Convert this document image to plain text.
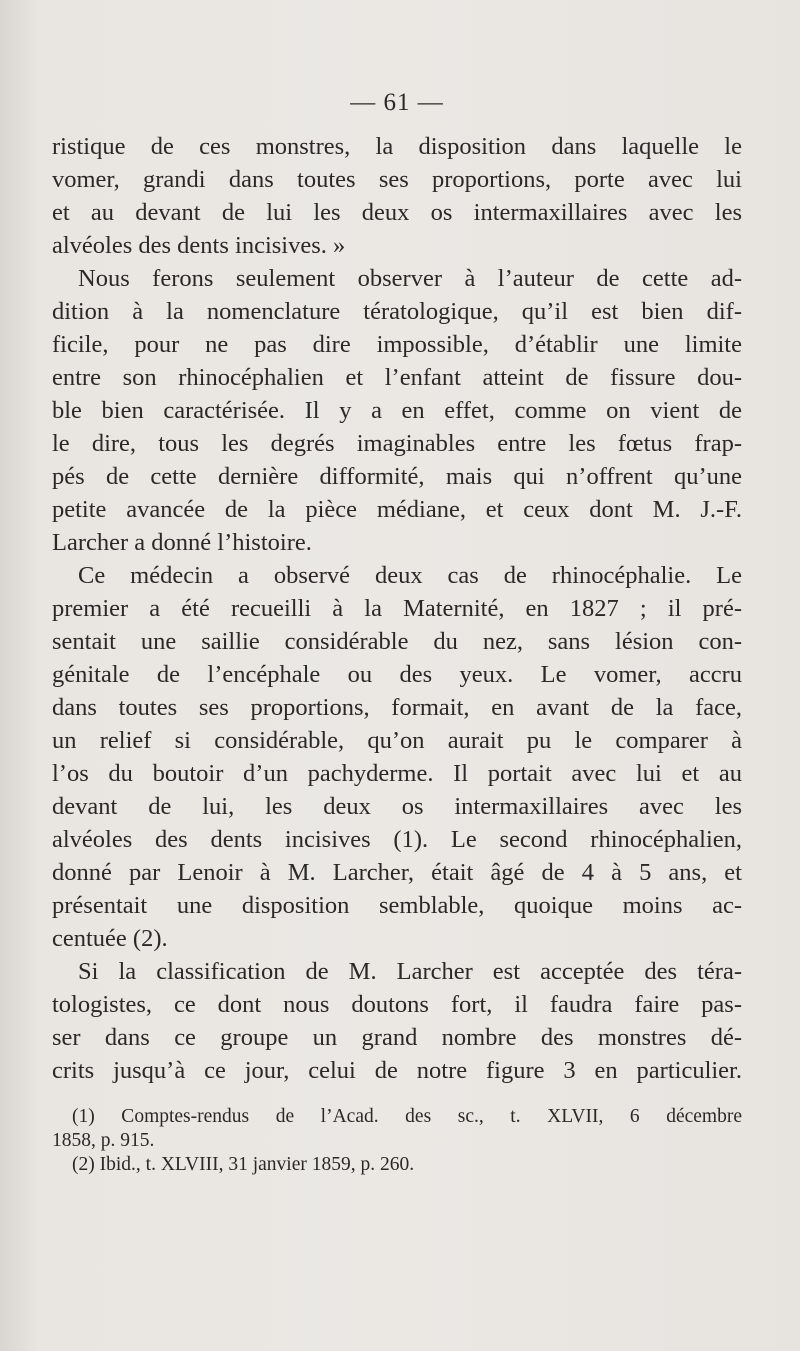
— 61 —
ristique de ces monstres, la disposition dans laquelle le
vomer, grandi dans toutes ses proportions, porte avec lui
et au devant de lui les deux os intermaxillaires avec les
alvéoles des dents incisives. »
Nous ferons seulement observer à l’auteur de cette ad-
dition à la nomenclature tératologique, qu’il est bien dif-
ficile, pour ne pas dire impossible, d’établir une limite
entre son rhinocéphalien et l’enfant atteint de fissure dou-
ble bien caractérisée. Il y a en effet, comme on vient de
le dire, tous les degrés imaginables entre les fœtus frap-
pés de cette dernière difformité, mais qui n’offrent qu’une
petite avancée de la pièce médiane, et ceux dont M. J.-F.
Larcher a donné l’histoire.
Ce médecin a observé deux cas de rhinocéphalie. Le
premier a été recueilli à la Maternité, en 1827 ; il pré-
sentait une saillie considérable du nez, sans lésion con-
génitale de l’encéphale ou des yeux. Le vomer, accru
dans toutes ses proportions, formait, en avant de la face,
un relief si considérable, qu’on aurait pu le comparer à
l’os du boutoir d’un pachyderme. Il portait avec lui et au
devant de lui, les deux os intermaxillaires avec les
alvéoles des dents incisives (1). Le second rhinocéphalien,
donné par Lenoir à M. Larcher, était âgé de 4 à 5 ans, et
présentait une disposition semblable, quoique moins ac-
centuée (2).
Si la classification de M. Larcher est acceptée des téra-
tologistes, ce dont nous doutons fort, il faudra faire pas-
ser dans ce groupe un grand nombre des monstres dé-
crits jusqu’à ce jour, celui de notre figure 3 en particulier.
(1) Comptes-rendus de l’Acad. des sc., t. XLVII, 6 décembre
1858, p. 915.
(2) Ibid., t. XLVIII, 31 janvier 1859, p. 260.
